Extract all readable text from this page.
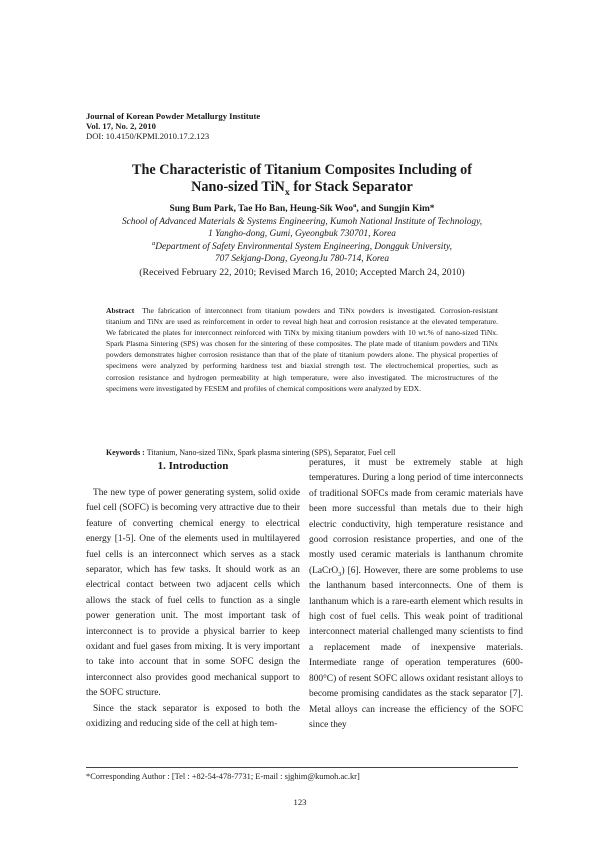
Journal of Korean Powder Metallurgy Institute
Vol. 17, No. 2, 2010
DOI: 10.4150/KPMI.2010.17.2.123
The Characteristic of Titanium Composites Including of
Nano-sized TiN$_x$ for Stack Separator
Sung Bum Park, Tae Ho Ban, Heung-Sik Woo$^a$, and Sungjin Kim*
School of Advanced Materials & Systems Engineering, Kumoh National Institute of Technology,
1 Yangho-dong, Gumi, Gyeongbuk 730701, Korea
$^a$Department of Safety Environmental System Engineering, Dongguk University,
707 Sekjang-Dong, GyeongJu 780-714, Korea
(Received February 22, 2010; Revised March 16, 2010; Accepted March 24, 2010)
Abstract The fabrication of interconnect from titanium powders and TiNx powders is investigated. Corrosion-resistant titanium and TiNx are used as reinforcement in order to reveal high heat and corrosion resistance at the elevated temperature. We fabricated the plates for interconnect reinforced with TiNx by mixing titanium powders with 10 wt.% of nano-sized TiNx. Spark Plasma Sintering (SPS) was chosen for the sintering of these composites. The plate made of titanium powders and TiNx powders demonstrates higher corrosion resistance than that of the plate of titanium powders alone. The physical properties of specimens were analyzed by performing hardness test and biaxial strength test. The electrochemical properties, such as corrosion resistance and hydrogen permeability at high temperature, were also investigated. The microstructures of the specimens were investigated by FESEM and profiles of chemical compositions were analyzed by EDX.
Keywords : Titanium, Nano-sized TiNx, Spark plasma sintering (SPS), Separator, Fuel cell
1. Introduction

The new type of power generating system, solid oxide fuel cell (SOFC) is becoming very attractive due to their feature of converting chemical energy to electrical energy [1-5]. One of the elements used in multilayered fuel cells is an interconnect which serves as a stack separator, which has few tasks. It should work as an electrical contact between two adjacent cells which allows the stack of fuel cells to function as a single power generation unit. The most important task of interconnect is to provide a physical barrier to keep oxidant and fuel gases from mixing. It is very important to take into account that in some SOFC design the interconnect also provides good mechanical support to the SOFC structure.

Since the stack separator is exposed to both the oxidizing and reducing side of the cell at high tem-

peratures, it must be extremely stable at high temperatures. During a long period of time interconnects of traditional SOFCs made from ceramic materials have been more successful than metals due to their high electric conductivity, high temperature resistance and good corrosion resistance properties, and one of the mostly used ceramic materials is lanthanum chromite (LaCrO$_3$) [6]. However, there are some problems to use the lanthanum based interconnects. One of them is lanthanum which is a rare-earth element which results in high cost of fuel cells. This weak point of traditional interconnect material challenged many scientists to find a replacement made of inexpensive materials. Intermediate range of operation temperatures (600-800°C) of resent SOFC allows oxidant resistant alloys to become promising candidates as the stack separator [7]. Metal alloys can increase the efficiency of the SOFC since they

*Corresponding Author : [Tel : +82-54-478-7731; E-mail : sjghim@kumoh.ac.kr]
123
